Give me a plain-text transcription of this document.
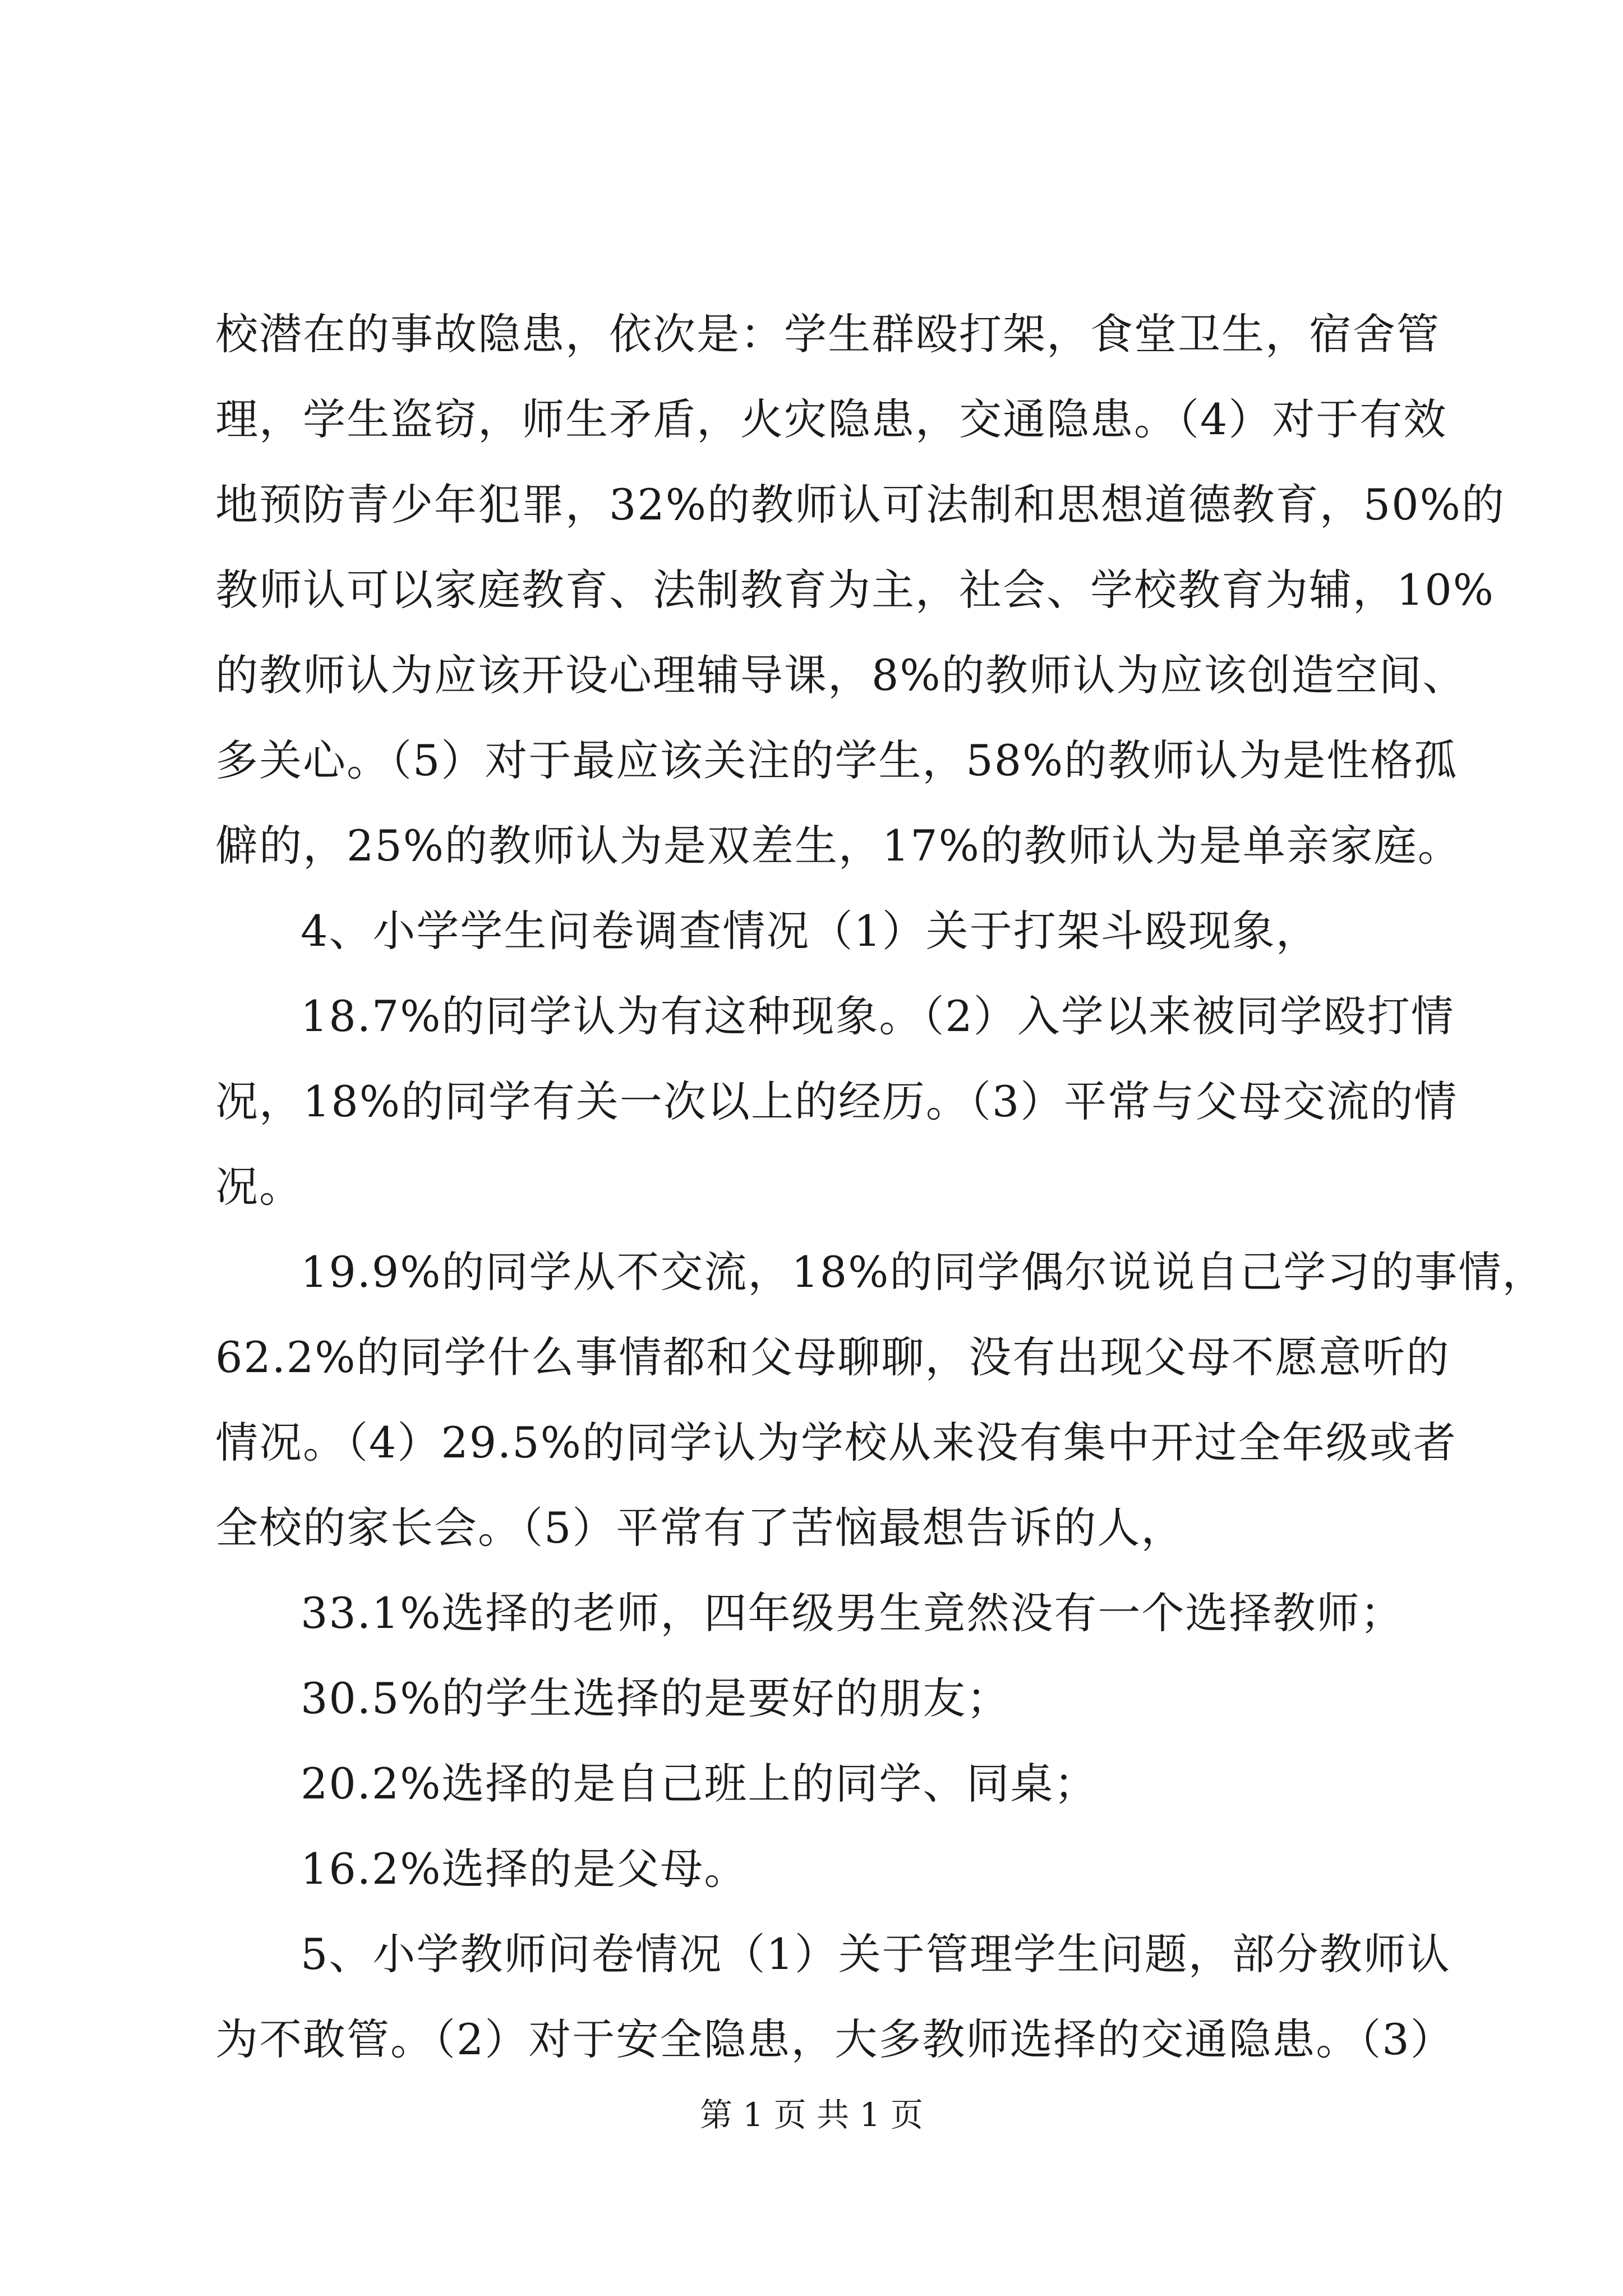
校潜在的事故隐患，依次是：学生群殴打架，食堂卫生，宿舍管
理，学生盗窃，师生矛盾，火灾隐患，交通隐患。（4）对于有效
地预防青少年犯罪，32%的教师认可法制和思想道德教育，50%的
教师认可以家庭教育、法制教育为主，社会、学校教育为辅，10%
的教师认为应该开设心理辅导课，8%的教师认为应该创造空间、
多关心。（5）对于最应该关注的学生，58%的教师认为是性格孤
僻的，25%的教师认为是双差生，17%的教师认为是单亲家庭。
4、小学学生问卷调查情况（1）关于打架斗殴现象，
18.7%的同学认为有这种现象。（2）入学以来被同学殴打情
况，18%的同学有关一次以上的经历。（3）平常与父母交流的情
况。
19.9%的同学从不交流，18%的同学偶尔说说自己学习的事情，
62.2%的同学什么事情都和父母聊聊，没有出现父母不愿意听的
情况。（4）29.5%的同学认为学校从来没有集中开过全年级或者
全校的家长会。（5）平常有了苦恼最想告诉的人，
33.1%选择的老师，四年级男生竟然没有一个选择教师；
30.5%的学生选择的是要好的朋友；
20.2%选择的是自己班上的同学、同桌；
16.2%选择的是父母。
5、小学教师问卷情况（1）关于管理学生问题，部分教师认
为不敢管。（2）对于安全隐患，大多教师选择的交通隐患。（3）
第 1 页 共 1 页
